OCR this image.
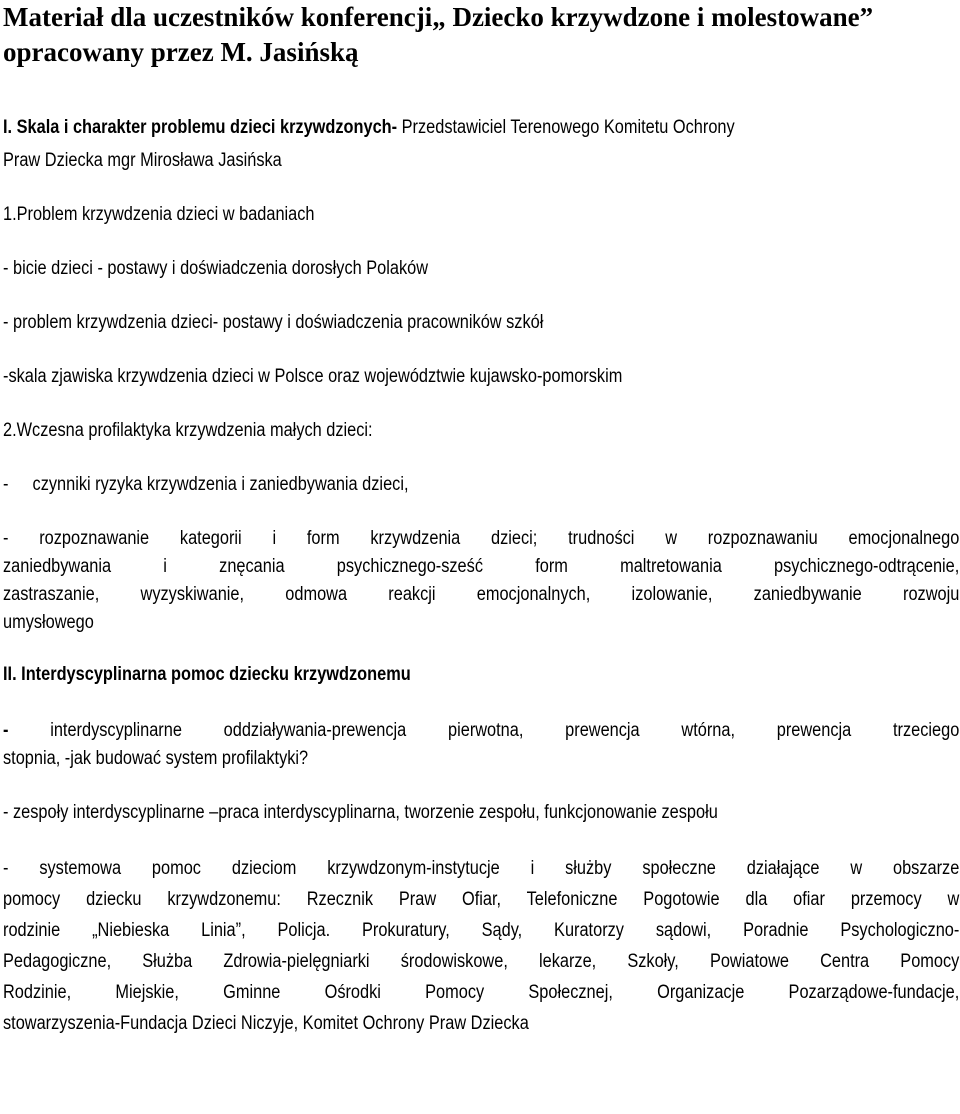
Materiał dla uczestników konferencji„ Dziecko krzywdzone i molestowane”
opracowany przez M. Jasińską
I. Skala i charakter problemu dzieci krzywdzonych- Przedstawiciel Terenowego Komitetu Ochrony
Praw Dziecka mgr Mirosława Jasińska
1.Problem krzywdzenia dzieci w badaniach
- bicie dzieci - postawy i doświadczenia dorosłych Polaków
- problem krzywdzenia dzieci- postawy i doświadczenia pracowników szkół
-skala zjawiska krzywdzenia dzieci w Polsce oraz województwie kujawsko-pomorskim
2.Wczesna profilaktyka krzywdzenia małych dzieci:
- czynniki ryzyka krzywdzenia i zaniedbywania dzieci,
- rozpoznawanie kategorii i form krzywdzenia dzieci; trudności w rozpoznawaniu emocjonalnego
zaniedbywania i znęcania psychicznego-sześć form maltretowania psychicznego-odtrącenie,
zastraszanie, wyzyskiwanie, odmowa reakcji emocjonalnych, izolowanie, zaniedbywanie rozwoju
umysłowego
II. Interdyscyplinarna pomoc dziecku krzywdzonemu
- interdyscyplinarne oddziaływania-prewencja pierwotna, prewencja wtórna, prewencja trzeciego
stopnia, -jak budować system profilaktyki?
- zespoły interdyscyplinarne –praca interdyscyplinarna, tworzenie zespołu, funkcjonowanie zespołu
- systemowa pomoc dzieciom krzywdzonym-instytucje i służby społeczne działające w obszarze
pomocy dziecku krzywdzonemu: Rzecznik Praw Ofiar, Telefoniczne Pogotowie dla ofiar przemocy w
rodzinie „Niebieska Linia”, Policja. Prokuratury, Sądy, Kuratorzy sądowi, Poradnie Psychologiczno-
Pedagogiczne, Służba Zdrowia-pielęgniarki środowiskowe, lekarze, Szkoły, Powiatowe Centra Pomocy
Rodzinie, Miejskie, Gminne Ośrodki Pomocy Społecznej, Organizacje Pozarządowe-fundacje,
stowarzyszenia-Fundacja Dzieci Niczyje, Komitet Ochrony Praw Dziecka
